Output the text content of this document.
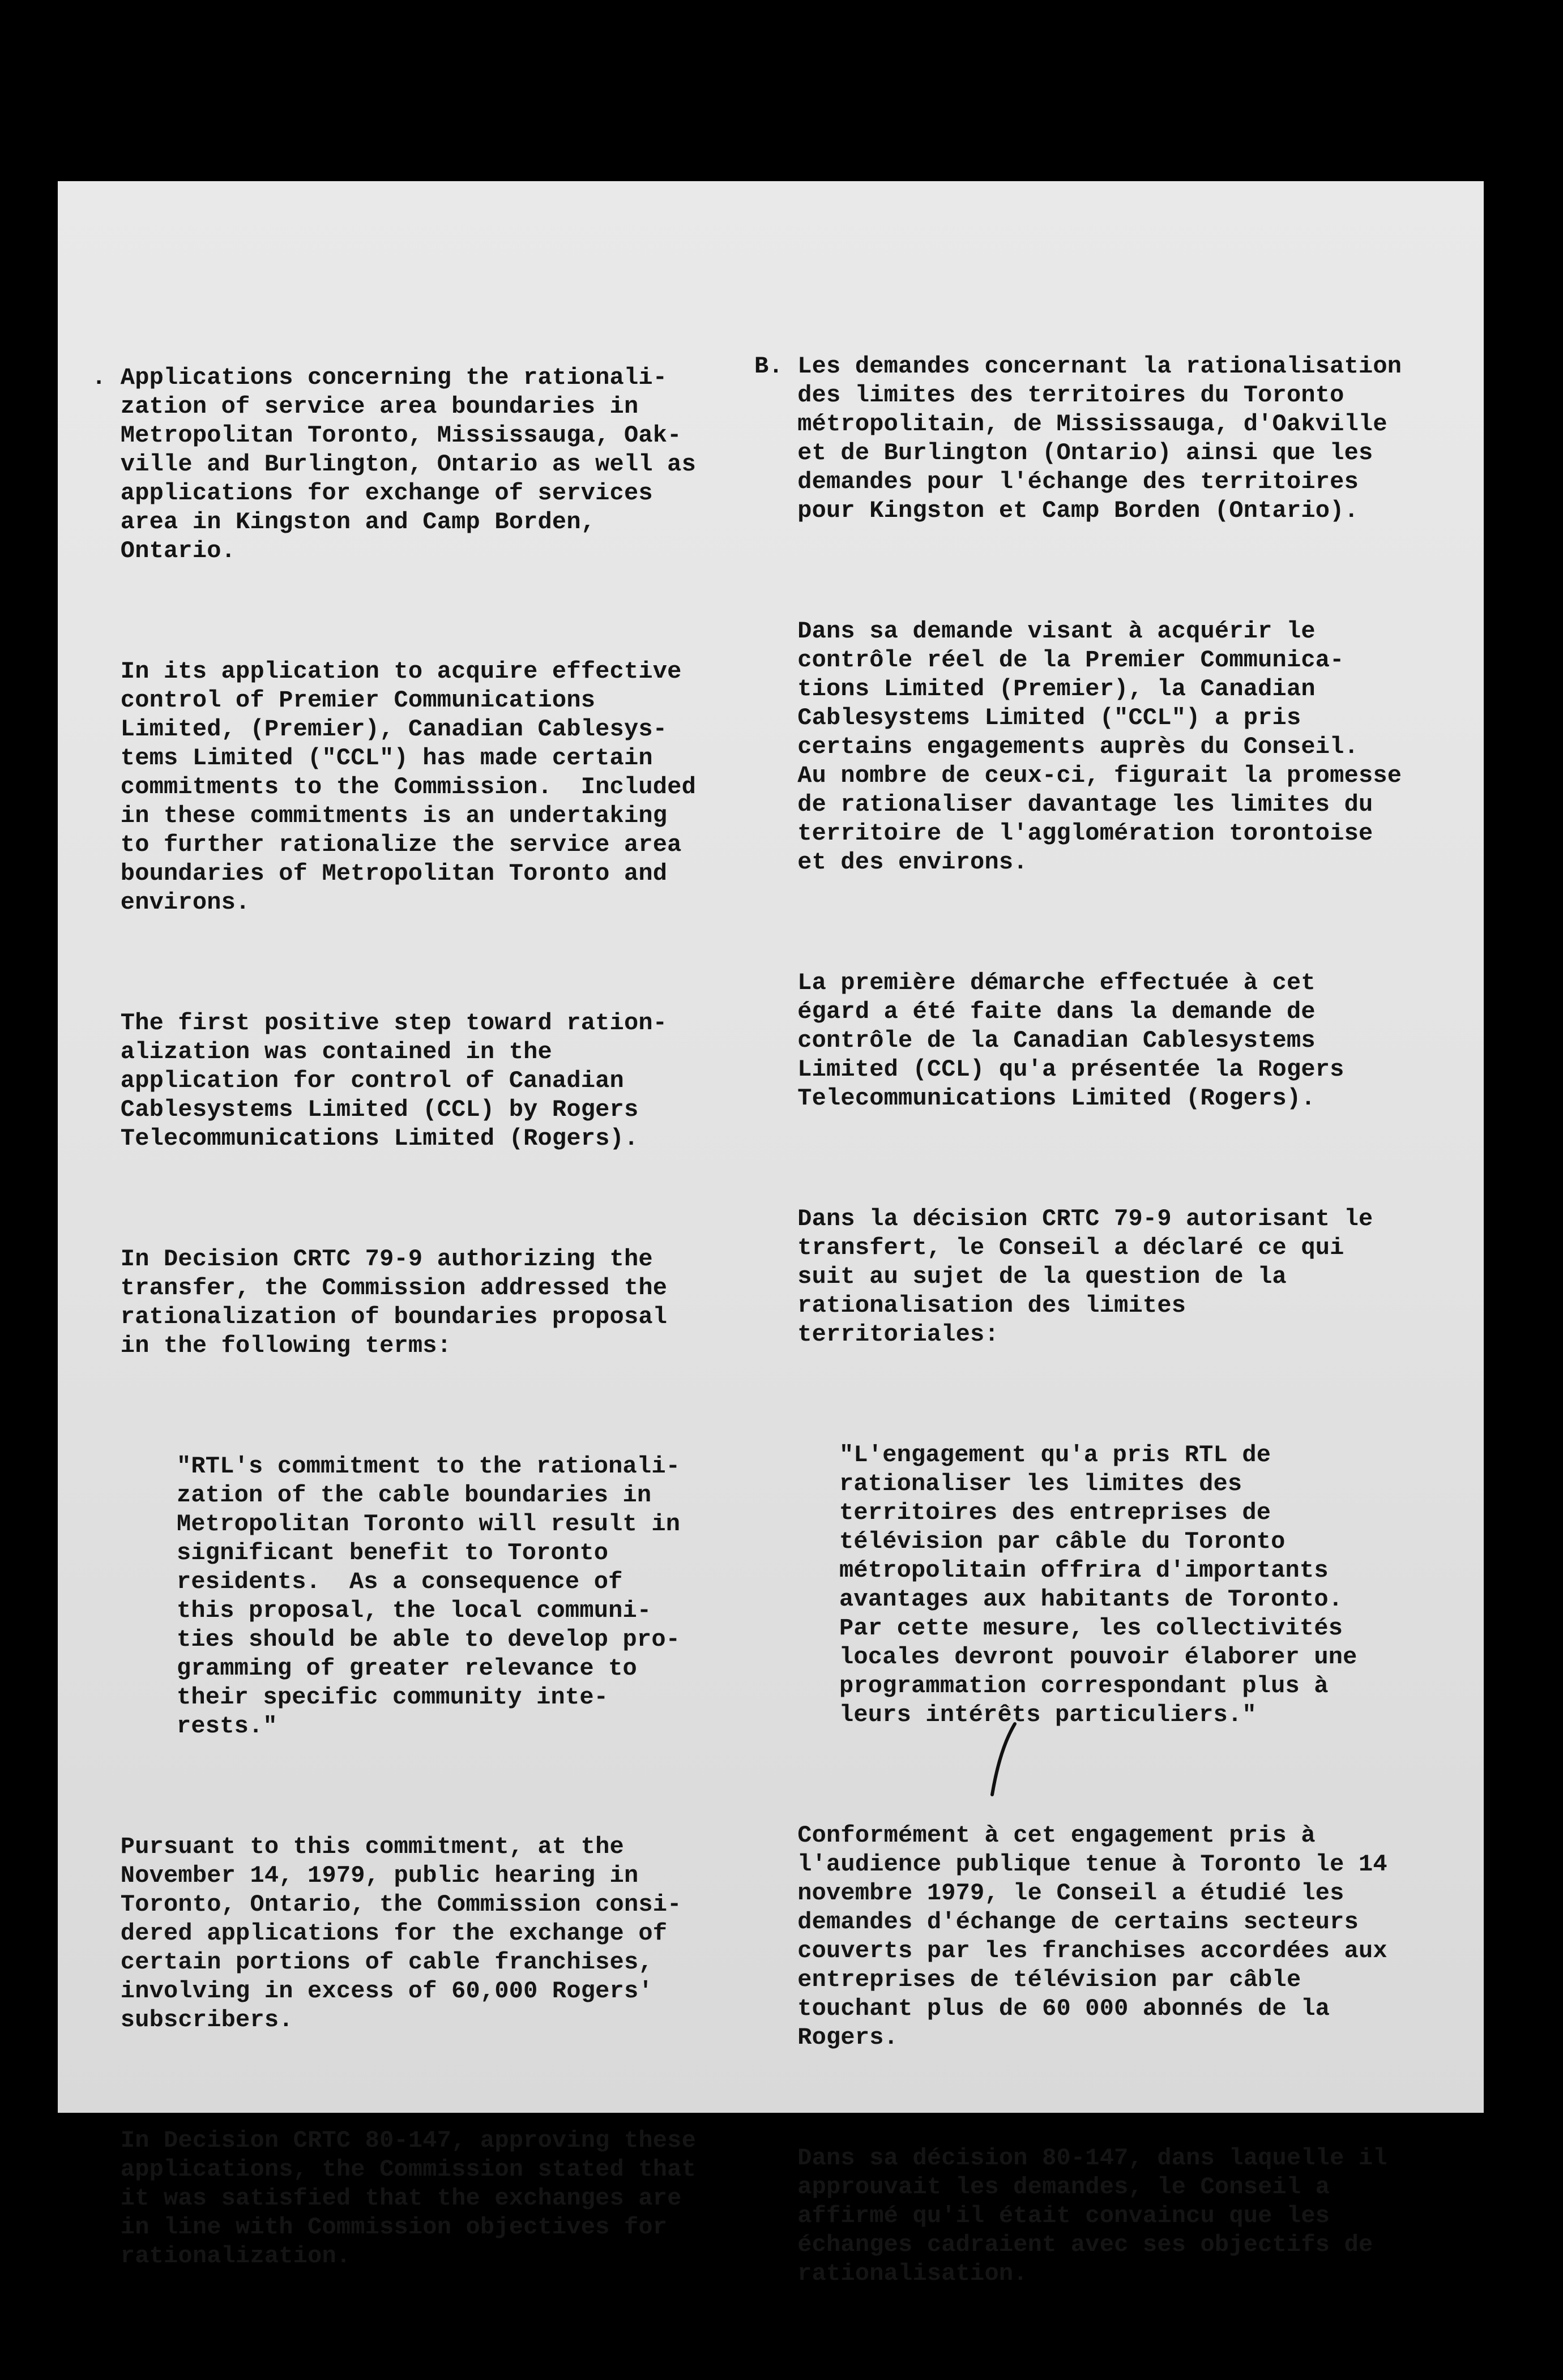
. Applications concerning the rationali-
zation of service area boundaries in
Metropolitan Toronto, Mississauga, Oak-
ville and Burlington, Ontario as well as
applications for exchange of services
area in Kingston and Camp Borden,
Ontario.

In its application to acquire effective
control of Premier Communications
Limited, (Premier), Canadian Cablesys-
tems Limited ("CCL") has made certain
commitments to the Commission.  Included
in these commitments is an undertaking
to further rationalize the service area
boundaries of Metropolitan Toronto and
environs.

The first positive step toward ration-
alization was contained in the
application for control of Canadian
Cablesystems Limited (CCL) by Rogers
Telecommunications Limited (Rogers).

In Decision CRTC 79-9 authorizing the
transfer, the Commission addressed the
rationalization of boundaries proposal
in the following terms:

"RTL's commitment to the rationali-
zation of the cable boundaries in
Metropolitan Toronto will result in
significant benefit to Toronto
residents.  As a consequence of
this proposal, the local communi-
ties should be able to develop pro-
gramming of greater relevance to
their specific community inte-
rests."

Pursuant to this commitment, at the
November 14, 1979, public hearing in
Toronto, Ontario, the Commission consi-
dered applications for the exchange of
certain portions of cable franchises,
involving in excess of 60,000 Rogers'
subscribers.

In Decision CRTC 80-147, approving these
applications, the Commission stated that
it was satisfied that the exchanges are
in line with Commission objectives for
rationalization.

B. Les demandes concernant la rationalisation
des limites des territoires du Toronto
métropolitain, de Mississauga, d'Oakville
et de Burlington (Ontario) ainsi que les
demandes pour l'échange des territoires
pour Kingston et Camp Borden (Ontario).

Dans sa demande visant à acquérir le
contrôle réel de la Premier Communica-
tions Limited (Premier), la Canadian
Cablesystems Limited ("CCL") a pris
certains engagements auprès du Conseil.
Au nombre de ceux-ci, figurait la promesse
de rationaliser davantage les limites du
territoire de l'agglomération torontoise
et des environs.

La première démarche effectuée à cet
égard a été faite dans la demande de
contrôle de la Canadian Cablesystems
Limited (CCL) qu'a présentée la Rogers
Telecommunications Limited (Rogers).

Dans la décision CRTC 79-9 autorisant le
transfert, le Conseil a déclaré ce qui
suit au sujet de la question de la
rationalisation des limites
territoriales:

"L'engagement qu'a pris RTL de
rationaliser les limites des
territoires des entreprises de
télévision par câble du Toronto
métropolitain offrira d'importants
avantages aux habitants de Toronto.
Par cette mesure, les collectivités
locales devront pouvoir élaborer une
programmation correspondant plus à
leurs intérêts particuliers."

Conformément à cet engagement pris à
l'audience publique tenue à Toronto le 14
novembre 1979, le Conseil a étudié les
demandes d'échange de certains secteurs
couverts par les franchises accordées aux
entreprises de télévision par câble
touchant plus de 60 000 abonnés de la
Rogers.

Dans sa décision 80-147, dans laquelle il
approuvait les demandes, le Conseil a
affirmé qu'il était convaincu que les
échanges cadraient avec ses objectifs de
rationalisation.
